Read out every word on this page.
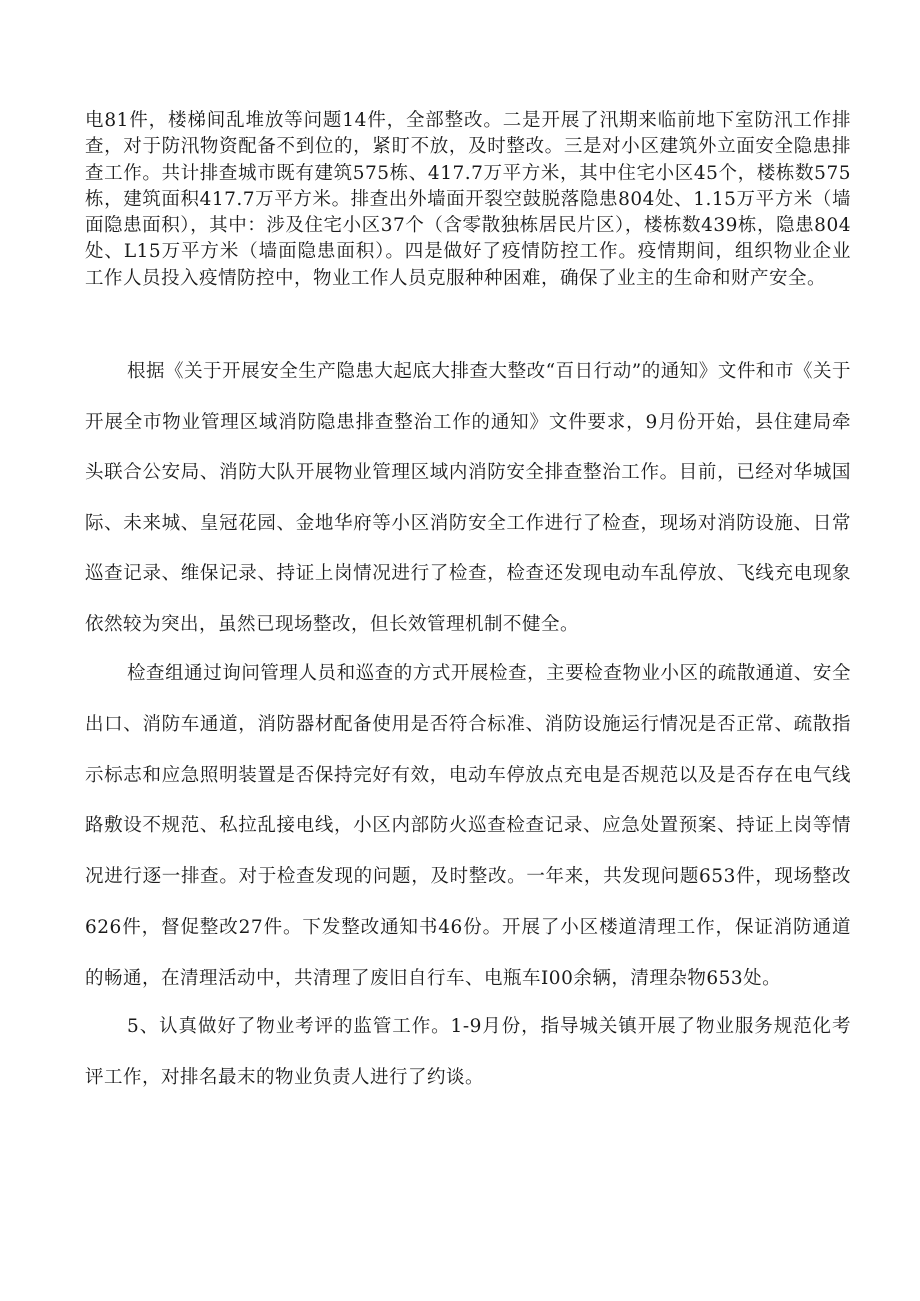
电81件，楼梯间乱堆放等问题14件，全部整改。二是开展了汛期来临前地下室防汛工作排查，对于防汛物资配备不到位的，紧盯不放，及时整改。三是对小区建筑外立面安全隐患排查工作。共计排查城市既有建筑575栋、417.7万平方米，其中住宅小区45个，楼栋数575栋，建筑面积417.7万平方米。排查出外墙面开裂空鼓脱落隐患804处、1.15万平方米（墙面隐患面积），其中：涉及住宅小区37个（含零散独栋居民片区），楼栋数439栋，隐患804处、L15万平方米（墙面隐患面积）。四是做好了疫情防控工作。疫情期间，组织物业企业工作人员投入疫情防控中，物业工作人员克服种种困难，确保了业主的生命和财产安全。

根据《关于开展安全生产隐患大起底大排查大整改“百日行动”的通知》文件和市《关于开展全市物业管理区域消防隐患排查整治工作的通知》文件要求，9月份开始，县住建局牵头联合公安局、消防大队开展物业管理区域内消防安全排查整治工作。目前，已经对华城国际、未来城、皇冠花园、金地华府等小区消防安全工作进行了检查，现场对消防设施、日常巡查记录、维保记录、持证上岗情况进行了检查，检查还发现电动车乱停放、飞线充电现象依然较为突出，虽然已现场整改，但长效管理机制不健全。

检查组通过询问管理人员和巡查的方式开展检查，主要检查物业小区的疏散通道、安全出口、消防车通道，消防器材配备使用是否符合标准、消防设施运行情况是否正常、疏散指示标志和应急照明装置是否保持完好有效，电动车停放点充电是否规范以及是否存在电气线路敷设不规范、私拉乱接电线，小区内部防火巡查检查记录、应急处置预案、持证上岗等情况进行逐一排查。对于检查发现的问题，及时整改。一年来，共发现问题653件，现场整改626件，督促整改27件。下发整改通知书46份。开展了小区楼道清理工作，保证消防通道的畅通，在清理活动中，共清理了废旧自行车、电瓶车I00余辆，清理杂物653处。

5、认真做好了物业考评的监管工作。1-9月份，指导城关镇开展了物业服务规范化考评工作，对排名最末的物业负责人进行了约谈。
